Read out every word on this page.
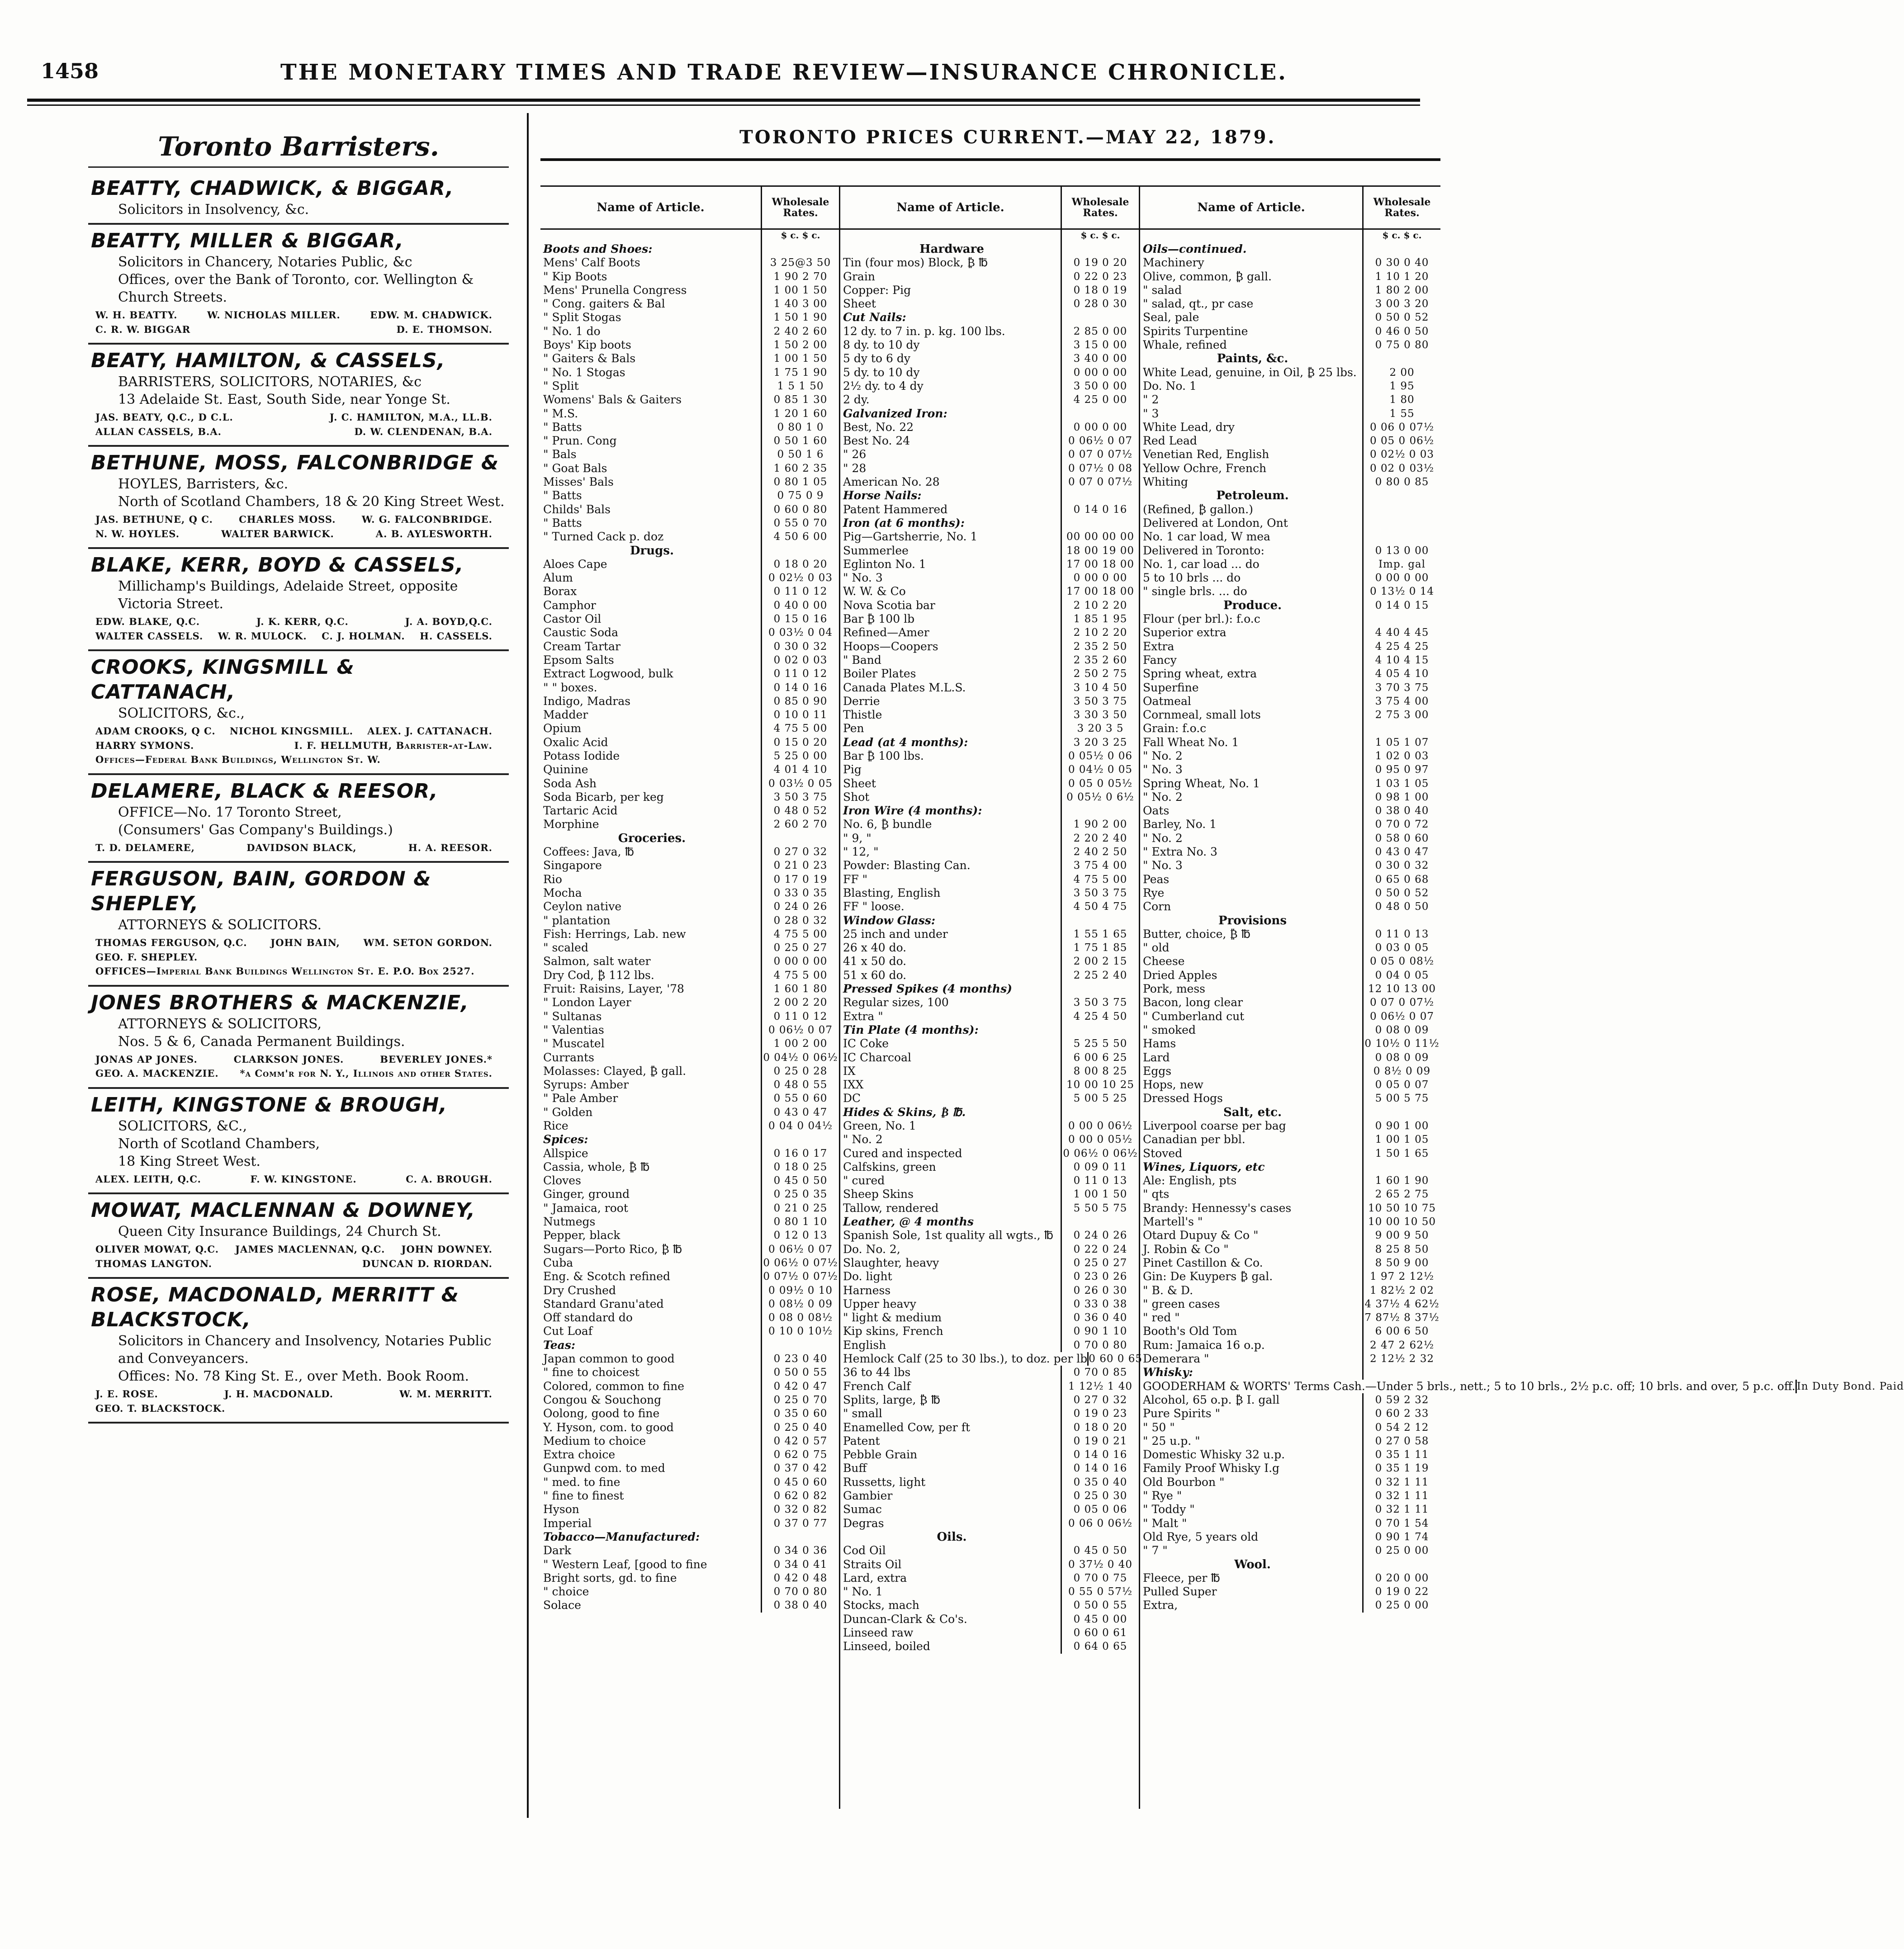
1458	THE MONETARY TIMES AND TRADE REVIEW—INSURANCE CHRONICLE.
Toronto Barristers.
BEATTY, CHADWICK, & BIGGAR,
Solicitors in Insolvency, &c.
BEATTY, MILLER & BIGGAR,
Solicitors in Chancery, Notaries Public, &c
Offices, over the Bank of Toronto, cor. Wellington & Church Streets.
W. H. BEATTY.	W. NICHOLAS MILLER.	EDW. M. CHADWICK.
C. R. W. BIGGAR	D. E. THOMSON.
BEATY, HAMILTON, & CASSELS,
BARRISTERS, SOLICITORS, NOTARIES, &c
13 Adelaide St. East, South Side, near Yonge St.
JAS. BEATY, Q.C., D C.L.	J. C. HAMILTON, M.A., LL.B.
ALLAN CASSELS, B.A.	D. W. CLENDENAN, B.A.
BETHUNE, MOSS, FALCONBRIDGE &
HOYLES, Barristers, &c.
North of Scotland Chambers, 18 & 20 King Street West.
JAS. BETHUNE, Q C.	CHARLES MOSS.	W. G. FALCONBRIDGE.
N. W. HOYLES.	WALTER BARWICK.	A. B. AYLESWORTH.
BLAKE, KERR, BOYD & CASSELS,
Millichamp's Buildings, Adelaide Street, opposite Victoria Street.
EDW. BLAKE, Q.C.	J. K. KERR, Q.C.	J. A. BOYD,Q.C.
WALTER CASSELS. W. R. MULOCK. C. J. HOLMAN. H. CASSELS.
CROOKS, KINGSMILL & CATTANACH,
SOLICITORS, &c.,
ADAM CROOKS, Q C. NICHOL KINGSMILL. ALEX. J. CATTANACH.
HARRY SYMONS.	I. F. HELLMUTH, Barrister-at-Law.
Offices—Federal Bank Buildings, Wellington St. W.
DELAMERE, BLACK & REESOR,
OFFICE—No. 17 Toronto Street,
(Consumers' Gas Company's Buildings.)
T. D. DELAMERE,	DAVIDSON BLACK,	H. A. REESOR.
FERGUSON, BAIN, GORDON & SHEPLEY,
ATTORNEYS & SOLICITORS.
THOMAS FERGUSON, Q.C. JOHN BAIN, WM. SETON GORDON.
GEO. F. SHEPLEY.
OFFICES—Imperial Bank Buildings Wellington St. E. P.O. Box 2527.
JONES BROTHERS & MACKENZIE,
ATTORNEYS & SOLICITORS,
Nos. 5 & 6, Canada Permanent Buildings.
JONAS AP JONES.	CLARKSON JONES.	BEVERLEY JONES.*
GEO. A. MACKENZIE. *a Comm'r for N. Y., Illinois and other States.
LEITH, KINGSTONE & BROUGH,
SOLICITORS, &C.,
North of Scotland Chambers,
18 King Street West.
ALEX. LEITH, Q.C.	F. W. KINGSTONE.	C. A. BROUGH.
MOWAT, MACLENNAN & DOWNEY,
Queen City Insurance Buildings, 24 Church St.
OLIVER MOWAT, Q.C. JAMES MACLENNAN, Q.C. JOHN DOWNEY.
THOMAS LANGTON.	DUNCAN D. RIORDAN.
ROSE, MACDONALD, MERRITT & BLACKSTOCK,
Solicitors in Chancery and Insolvency, Notaries Public and Conveyancers.
Offices: No. 78 King St. E., over Meth. Book Room.
J. E. ROSE.	J. H. MACDONALD.	W. M. MERRITT.
GEO. T. BLACKSTOCK.
TORONTO PRICES CURRENT.—MAY 22, 1879.
Name of Article.	Wholesale Rates.
$ c. $ c.
Boots and Shoes:
Mens' Calf Boots	3 25@3 50
" Kip Boots	1 90 2 70
Mens' Prunella Congress	1 00 1 50
" Cong. gaiters & Bal	1 40 3 00
" Split Stogas	1 50 1 90
" No. 1 do	2 40 2 60
Boys' Kip boots	1 50 2 00
" Gaiters & Bals	1 00 1 50
" No. 1 Stogas	1 75 1 90
" Split	1 5 1 50
Womens' Bals & Gaiters	0 85 1 30
" M.S.	1 20 1 60
" Batts	0 80 1 0
" Prun. Cong	0 50 1 60
" Bals	0 50 1 6
" Goat Bals	1 60 2 35
Misses' Bals	0 80 1 05
" Batts	0 75 0 9
Childs' Bals	0 60 0 80
" Batts	0 55 0 70
" Turned Cack p. doz	4 50 6 00
Drugs.
Aloes Cape	0 18 0 20
Alum	0 02½ 0 03
Borax	0 11 0 12
Camphor	0 40 0 00
Castor Oil	0 15 0 16
Caustic Soda	0 03½ 0 04
Cream Tartar	0 30 0 32
Epsom Salts	0 02 0 03
Extract Logwood, bulk	0 11 0 12
" " boxes.	0 14 0 16
Indigo, Madras	0 85 0 90
Madder	0 10 0 11
Opium	4 75 5 00
Oxalic Acid	0 15 0 20
Potass Iodide	5 25 0 00
Quinine	4 01 4 10
Soda Ash	0 03½ 0 05
Soda Bicarb, per keg	3 50 3 75
Tartaric Acid	0 48 0 52
Morphine	2 60 2 70
Groceries.
Coffees: Java, ℔	0 27 0 32
Singapore	0 21 0 23
Rio	0 17 0 19
Mocha	0 33 0 35
Ceylon native	0 24 0 26
" plantation	0 28 0 32
Fish: Herrings, Lab. new	4 75 5 00
" scaled	0 25 0 27
Salmon, salt water	0 00 0 00
Dry Cod, ₿ 112 lbs.	4 75 5 00
Fruit: Raisins, Layer, '78	1 60 1 80
" London Layer	2 00 2 20
" Sultanas	0 11 0 12
" Valentias	0 06½ 0 07
" Muscatel	1 00 2 00
Currants	0 04½ 0 06½
Molasses: Clayed, ₿ gall.	0 25 0 28
Syrups: Amber	0 48 0 55
" Pale Amber	0 55 0 60
" Golden	0 43 0 47
Rice	0 04 0 04½
Spices:
Allspice	0 16 0 17
Cassia, whole, ₿ ℔	0 18 0 25
Cloves	0 45 0 50
Ginger, ground	0 25 0 35
" Jamaica, root	0 21 0 25
Nutmegs	0 80 1 10
Pepper, black	0 12 0 13
Sugars—Porto Rico, ₿ ℔	0 06½ 0 07
Cuba	0 06½ 0 07½
Eng. & Scotch refined	0 07½ 0 07½
Dry Crushed	0 09½ 0 10
Standard Granu'ated	0 08½ 0 09
Off standard do	0 08 0 08½
Cut Loaf	0 10 0 10½
Teas:
Japan common to good	0 23 0 40
" fine to choicest	0 50 0 55
Colored, common to fine	0 42 0 47
Congou & Souchong	0 25 0 70
Oolong, good to fine	0 35 0 60
Y. Hyson, com. to good	0 25 0 40
Medium to choice	0 42 0 57
Extra choice	0 62 0 75
Gunpwd com. to med	0 37 0 42
" med. to fine	0 45 0 60
" fine to finest	0 62 0 82
Hyson	0 32 0 82
Imperial	0 37 0 77
Tobacco—Manufactured:
Dark	0 34 0 36
" Western Leaf, [good to fine	0 34 0 41
Bright sorts, gd. to fine	0 42 0 48
" choice	0 70 0 80
Solace	0 38 0 40
Name of Article.	Wholesale Rates.
$ c. $ c.
Hardware
Tin (four mos) Block, ₿ ℔	0 19 0 20
Grain	0 22 0 23
Copper: Pig	0 18 0 19
Sheet	0 28 0 30
Cut Nails:
12 dy. to 7 in. p. kg. 100 lbs.	2 85 0 00
8 dy. to 10 dy	3 15 0 00
5 dy to 6 dy	3 40 0 00
5 dy. to 10 dy	0 00 0 00
2½ dy. to 4 dy	3 50 0 00
2 dy.	4 25 0 00
Galvanized Iron:
Best, No. 22	0 00 0 00
Best No. 24	0 06½ 0 07
" 26	0 07 0 07½
" 28	0 07½ 0 08
American No. 28	0 07 0 07½
Horse Nails:
Patent Hammered	0 14 0 16
Iron (at 6 months):
Pig—Gartsherrie, No. 1	00 00 00 00
Summerlee	18 00 19 00
Eglinton No. 1	17 00 18 00
" No. 3	0 00 0 00
W. W. & Co	17 00 18 00
Nova Scotia bar	2 10 2 20
Bar ₿ 100 lb	1 85 1 95
Refined—Amer	2 10 2 20
Hoops—Coopers	2 35 2 50
" Band	2 35 2 60
Boiler Plates	2 50 2 75
Canada Plates M.L.S.	3 10 4 50
Derrie	3 50 3 75
Thistle	3 30 3 50
Pen	3 20 3 5
Lead (at 4 months):	3 20 3 25
Bar ₿ 100 lbs.	0 05½ 0 06
Pig	0 04½ 0 05
Sheet	0 05 0 05½
Shot	0 05½ 0 6½
Iron Wire (4 months):
No. 6, ₿ bundle	1 90 2 00
" 9, "	2 20 2 40
" 12, "	2 40 2 50
Powder: Blasting Can.	3 75 4 00
FF "	4 75 5 00
Blasting, English	3 50 3 75
FF " loose.	4 50 4 75
Window Glass:
25 inch and under	1 55 1 65
26 x 40 do.	1 75 1 85
41 x 50 do.	2 00 2 15
51 x 60 do.	2 25 2 40
Pressed Spikes (4 months)
Regular sizes, 100	3 50 3 75
Extra "	4 25 4 50
Tin Plate (4 months):
IC Coke	5 25 5 50
IC Charcoal	6 00 6 25
IX	8 00 8 25
IXX	10 00 10 25
DC	5 00 5 25
Hides & Skins, ₿ ℔.
Green, No. 1	0 00 0 06½
" No. 2	0 00 0 05½
Cured and inspected	0 06½ 0 06½
Calfskins, green	0 09 0 11
" cured	0 11 0 13
Sheep Skins	1 00 1 50
Tallow, rendered	5 50 5 75
Leather, @ 4 months
Spanish Sole, 1st quality all wgts., ℔	0 24 0 26
Do. No. 2,	0 22 0 24
Slaughter, heavy	0 25 0 27
Do. light	0 23 0 26
Harness	0 26 0 30
Upper heavy	0 33 0 38
" light & medium	0 36 0 40
Kip skins, French	0 90 1 10
English	0 70 0 80
Hemlock Calf (25 to 30 lbs.), to doz. per lb 0 60 0 65
36 to 44 lbs	0 70 0 85
French Calf	1 12½ 1 40
Splits, large, ₿ ℔	0 27 0 32
" small	0 19 0 23
Enamelled Cow, per ft	0 18 0 20
Patent	0 19 0 21
Pebble Grain	0 14 0 16
Buff	0 14 0 16
Russetts, light	0 35 0 40
Gambier	0 25 0 30
Sumac	0 05 0 06
Degras	0 06 0 06½
Oils.
Cod Oil	0 45 0 50
Straits Oil	0 37½ 0 40
Lard, extra	0 70 0 75
" No. 1	0 55 0 57½
Stocks, mach	0 50 0 55
Duncan-Clark & Co's.	0 45 0 00
Linseed raw	0 60 0 61
Linseed, boiled	0 64 0 65
Name of Article.	Wholesale Rates.
$ c. $ c.
Oils—continued.
Machinery	0 30 0 40
Olive, common, ₿ gall.	1 10 1 20
" salad	1 80 2 00
" salad, qt., pr case	3 00 3 20
Seal, pale	0 50 0 52
Spirits Turpentine	0 46 0 50
Whale, refined	0 75 0 80
Paints, &c.
White Lead, genuine, in Oil, ₿ 25 lbs.	2 00
Do. No. 1	1 95
" 2	1 80
" 3	1 55
White Lead, dry	0 06 0 07½
Red Lead	0 05 0 06½
Venetian Red, English	0 02½ 0 03
Yellow Ochre, French	0 02 0 03½
Whiting	0 80 0 85
Petroleum.
(Refined, ₿ gallon.)
Delivered at London, Ont
No. 1 car load, W mea
Delivered in Toronto:	0 13 0 00
No. 1, car load ... do	Imp. gal
5 to 10 brls ... do	0 00 0 00
" single brls. ... do	0 13½ 0 14
Produce.	0 14 0 15
Flour (per brl.): f.o.c
Superior extra	4 40 4 45
Extra	4 25 4 25
Fancy	4 10 4 15
Spring wheat, extra	4 05 4 10
Superfine	3 70 3 75
Oatmeal	3 75 4 00
Cornmeal, small lots	2 75 3 00
Grain: f.o.c
Fall Wheat No. 1	1 05 1 07
" No. 2	1 02 0 03
" No. 3	0 95 0 97
Spring Wheat, No. 1	1 03 1 05
" No. 2	0 98 1 00
Oats	0 38 0 40
Barley, No. 1	0 70 0 72
" No. 2	0 58 0 60
" Extra No. 3	0 43 0 47
" No. 3	0 30 0 32
Peas	0 65 0 68
Rye	0 50 0 52
Corn	0 48 0 50
Provisions
Butter, choice, ₿ ℔	0 11 0 13
" old	0 03 0 05
Cheese	0 05 0 08½
Dried Apples	0 04 0 05
Pork, mess	12 10 13 00
Bacon, long clear	0 07 0 07½
" Cumberland cut	0 06½ 0 07
" smoked	0 08 0 09
Hams	0 10½ 0 11½
Lard	0 08 0 09
Eggs	0 8½ 0 09
Hops, new	0 05 0 07
Dressed Hogs	5 00 5 75
Salt, etc.
Liverpool coarse per bag	0 90 1 00
Canadian per bbl.	1 00 1 05
Stoved	1 50 1 65
Wines, Liquors, etc
Ale: English, pts	1 60 1 90
" qts	2 65 2 75
Brandy: Hennessy's cases	10 50 10 75
Martell's "	10 00 10 50
Otard Dupuy & Co "	9 00 9 50
J. Robin & Co "	8 25 8 50
Pinet Castillon & Co.	8 50 9 00
Gin: De Kuypers ₿ gal.	1 97 2 12½
" B. & D.	1 82½ 2 02
" green cases	4 37½ 4 62½
" red "	7 87½ 8 37½
Booth's Old Tom	6 00 6 50
Rum: Jamaica 16 o.p.	2 47 2 62½
Demerara "	2 12½ 2 32
Whisky:
GOODERHAM & WORTS' Terms Cash.—Under 5 brls., nett.; 5 to 10 brls., 2½ p.c. off; 10 brls. and over, 5 p.c. off. In Duty Bond. Paid
Alcohol, 65 o.p. ₿ I. gall	0 59 2 32
Pure Spirits "	0 60 2 33
" 50 "	0 54 2 12
" 25 u.p. "	0 27 0 58
Domestic Whisky 32 u.p.	0 35 1 11
Family Proof Whisky I.g	0 35 1 19
Old Bourbon "	0 32 1 11
" Rye "	0 32 1 11
" Toddy "	0 32 1 11
" Malt "	0 70 1 54
Old Rye, 5 years old	0 90 1 74
" 7 "	0 25 0 00
Wool.
Fleece, per ℔	0 20 0 00
Pulled Super	0 19 0 22
Extra,	0 25 0 00
